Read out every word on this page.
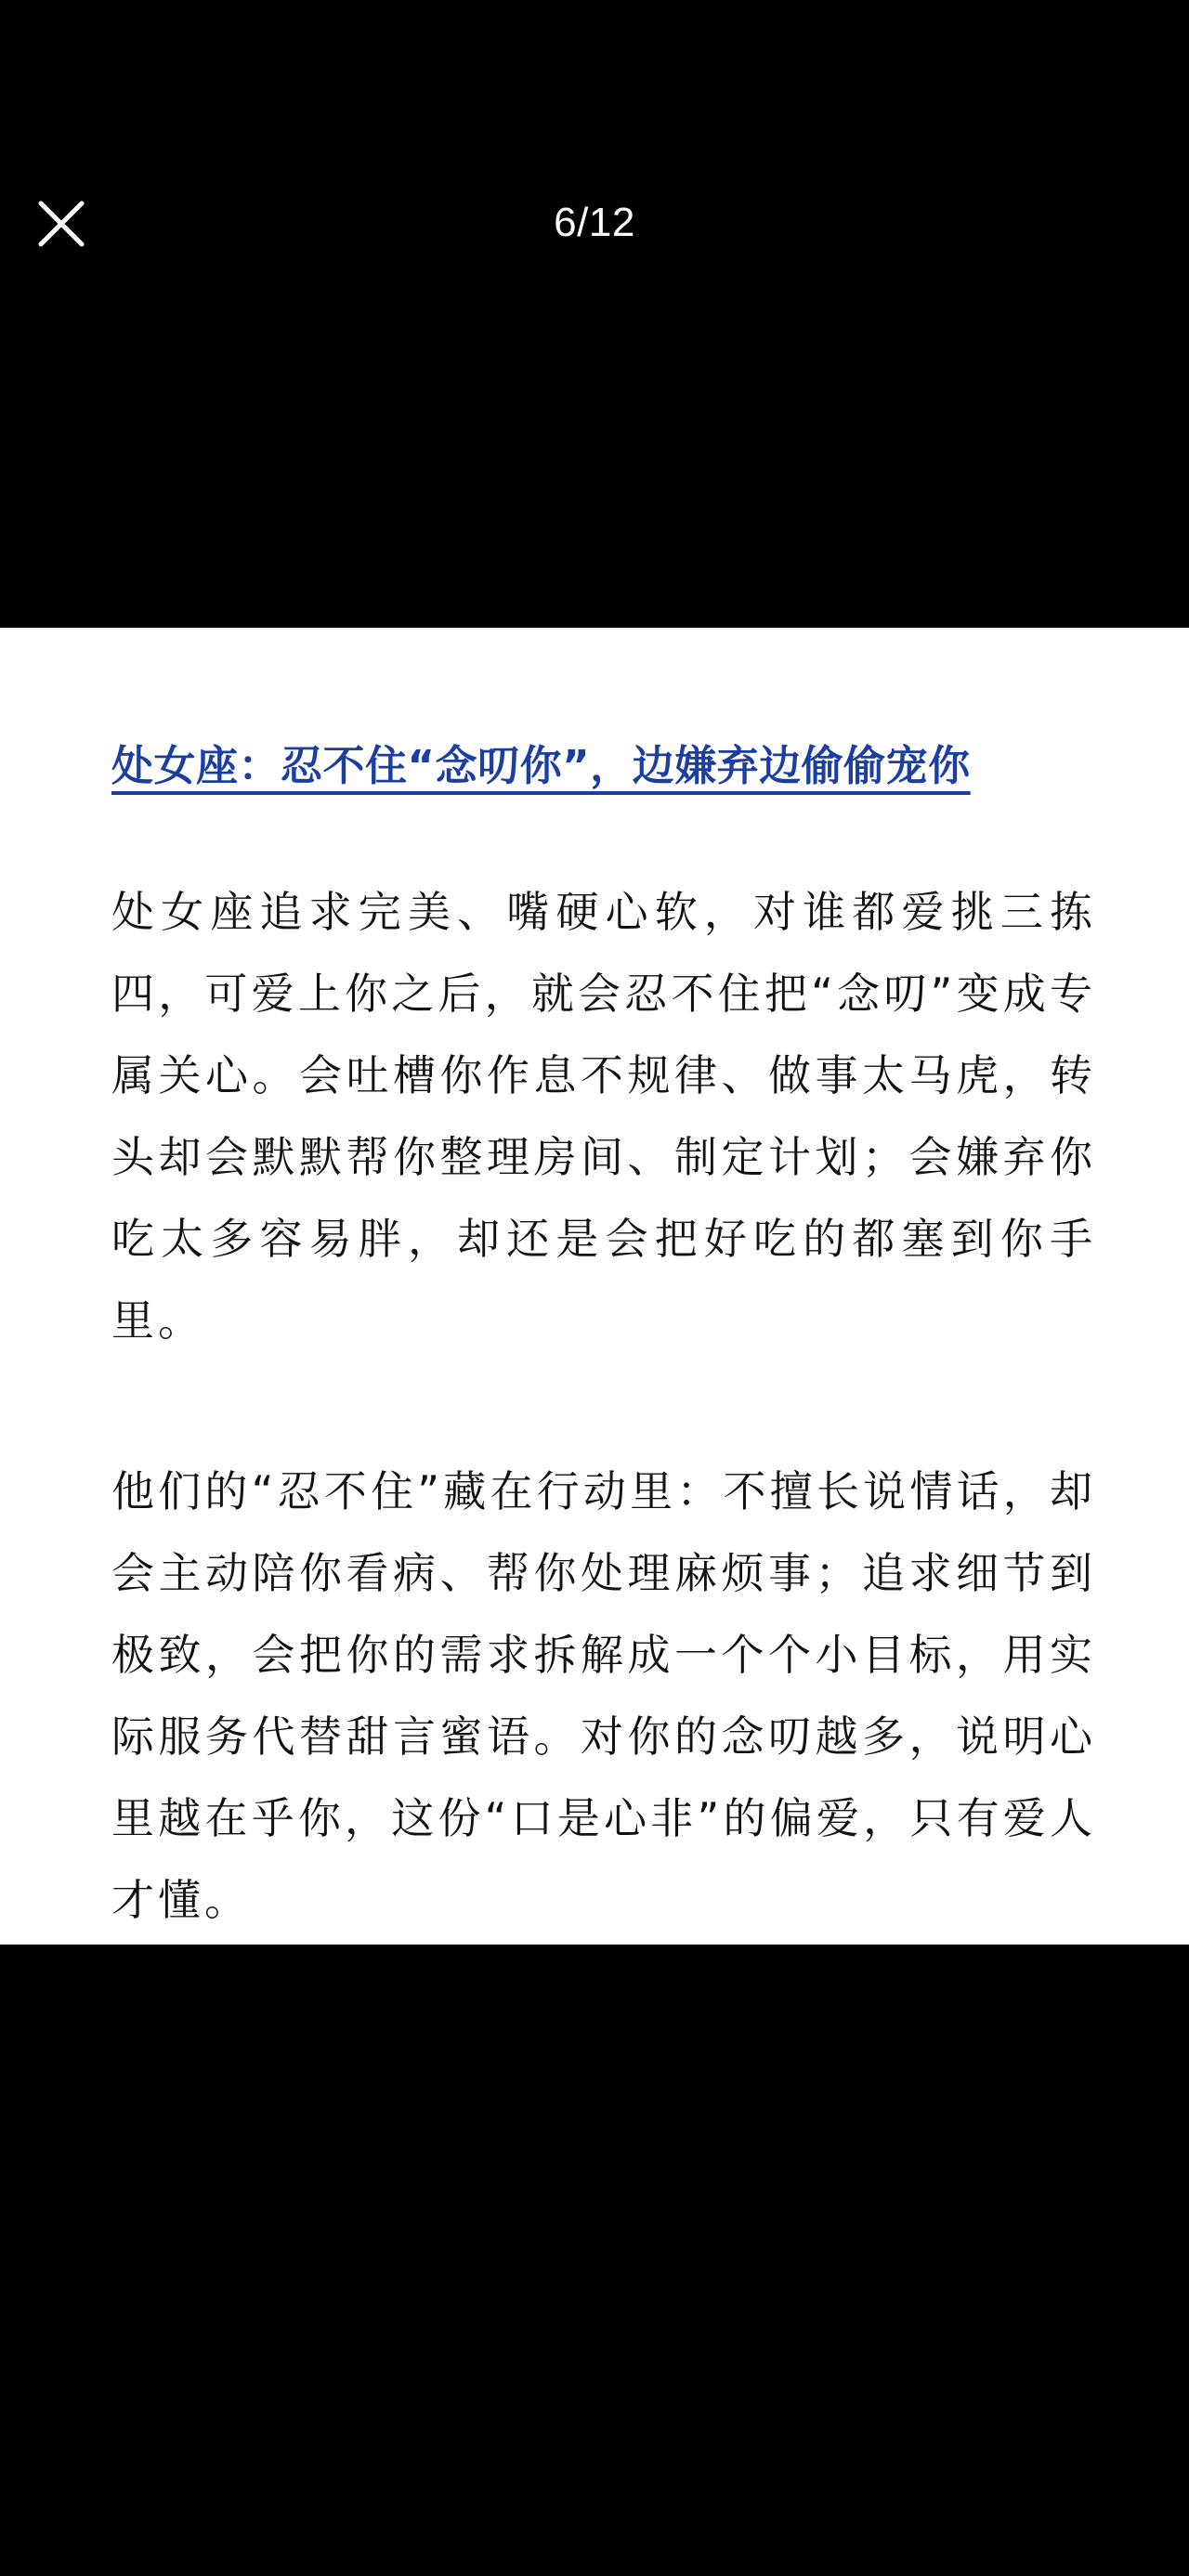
6/12
处女座：忍不住“念叨你”，边嫌弃边偷偷宠你

处女座追求完美、嘴硬心软，对谁都爱挑三拣四，可爱上你之后，就会忍不住把“念叨”变成专属关心。会吐槽你作息不规律、做事太马虎，转头却会默默帮你整理房间、制定计划；会嫌弃你吃太多容易胖，却还是会把好吃的都塞到你手里。

他们的“忍不住”藏在行动里：不擅长说情话，却会主动陪你看病、帮你处理麻烦事；追求细节到极致，会把你的需求拆解成一个个小目标，用实际服务代替甜言蜜语。对你的念叨越多，说明心里越在乎你，这份“口是心非”的偏爱，只有爱人才懂。
